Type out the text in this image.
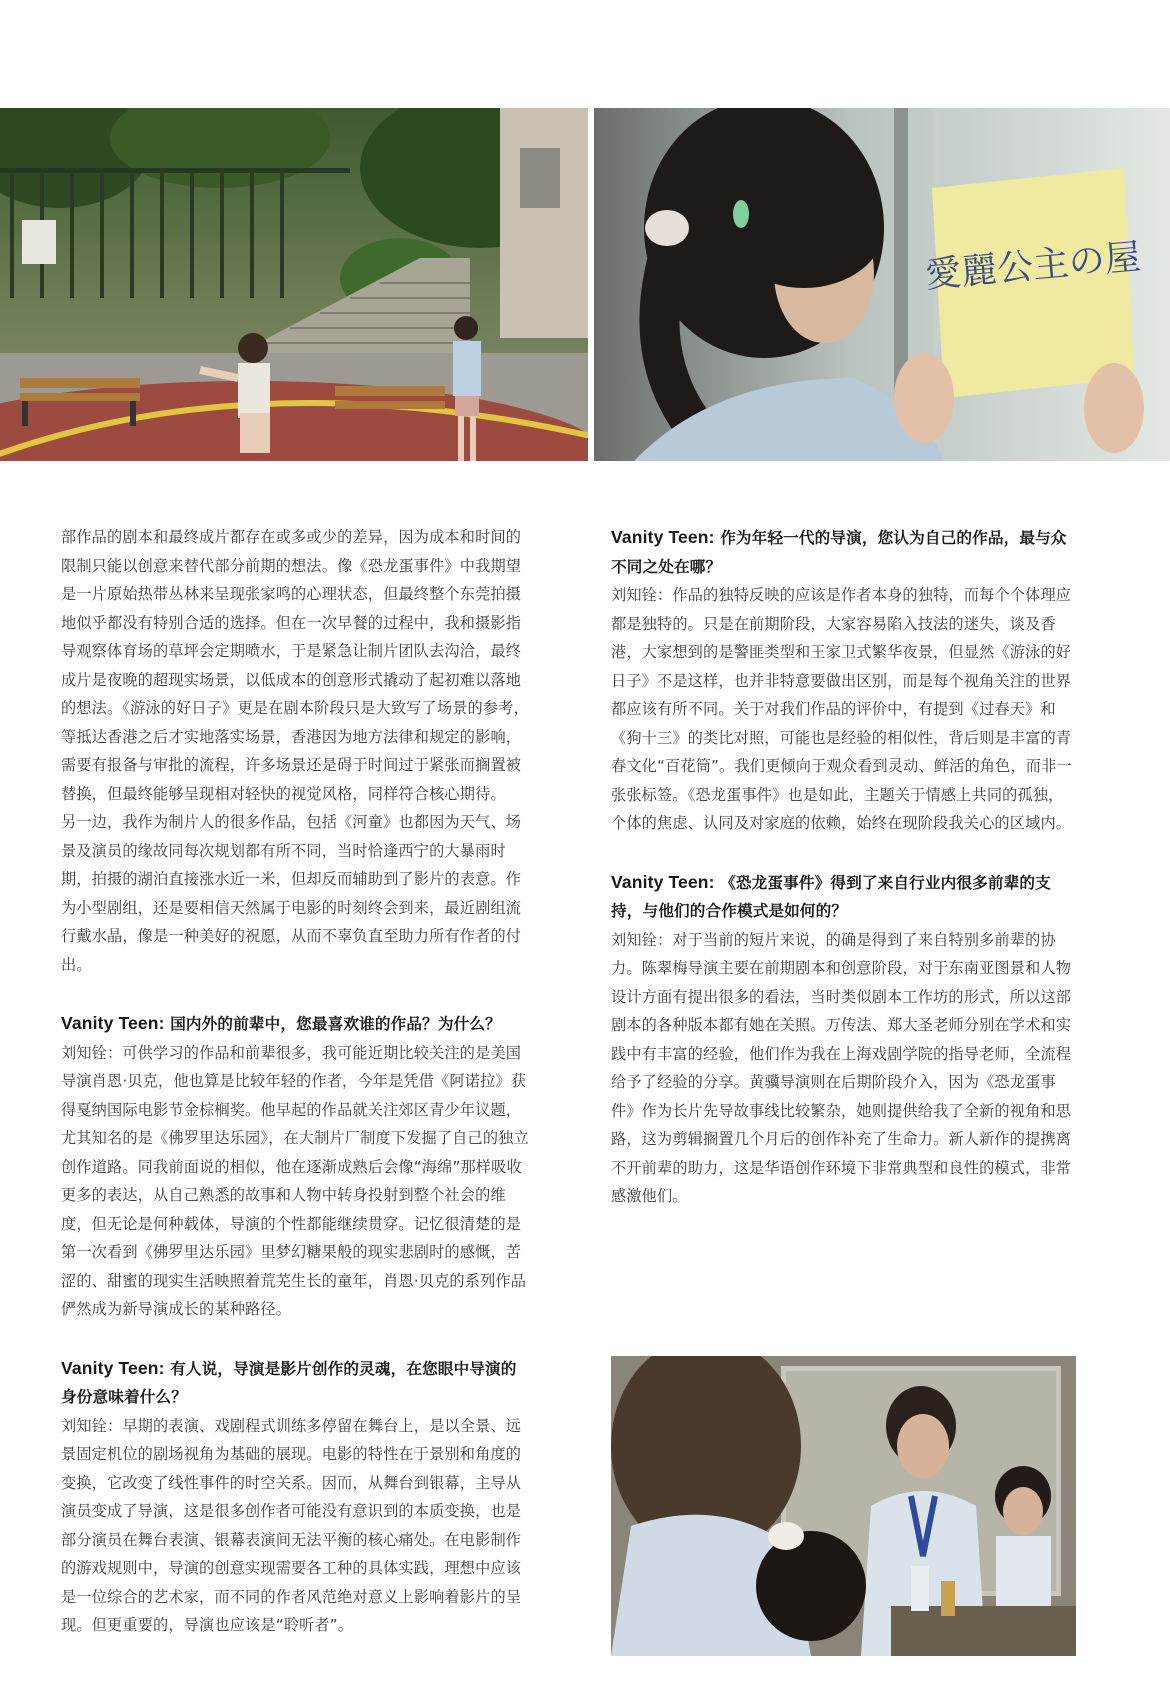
愛麗公主の屋

部作品的剧本和最终成片都存在或多或少的差异，因为成本和时间的限制只能以创意来替代部分前期的想法。像《恐龙蛋事件》中我期望是一片原始热带丛林来呈现张家鸣的心理状态，但最终整个东莞拍摄地似乎都没有特别合适的选择。但在一次早餐的过程中，我和摄影指导观察体育场的草坪会定期喷水，于是紧急让制片团队去沟洽，最终成片是夜晚的超现实场景，以低成本的创意形式撬动了起初难以落地的想法。《游泳的好日子》更是在剧本阶段只是大致写了场景的参考，等抵达香港之后才实地落实场景，香港因为地方法律和规定的影响，需要有报备与审批的流程，许多场景还是碍于时间过于紧张而搁置被替换，但最终能够呈现相对轻快的视觉风格，同样符合核心期待。

另一边，我作为制片人的很多作品，包括《河童》也都因为天气、场景及演员的缘故同每次规划都有所不同，当时恰逢西宁的大暴雨时期，拍摄的湖泊直接涨水近一米，但却反而辅助到了影片的表意。作为小型剧组，还是要相信天然属于电影的时刻终会到来，最近剧组流行戴水晶，像是一种美好的祝愿，从而不辜负直至助力所有作者的付出。

Vanity Teen: 国内外的前辈中，您最喜欢谁的作品？为什么？

刘知铨：可供学习的作品和前辈很多，我可能近期比较关注的是美国导演肖恩·贝克，他也算是比较年轻的作者，今年是凭借《阿诺拉》获得戛纳国际电影节金棕榈奖。他早起的作品就关注郊区青少年议题，尤其知名的是《佛罗里达乐园》，在大制片厂制度下发掘了自己的独立创作道路。同我前面说的相似，他在逐渐成熟后会像“海绵”那样吸收更多的表达，从自己熟悉的故事和人物中转身投射到整个社会的维度，但无论是何种载体，导演的个性都能继续贯穿。记忆很清楚的是第一次看到《佛罗里达乐园》里梦幻糖果般的现实悲剧时的感慨，苦涩的、甜蜜的现实生活映照着荒芜生长的童年，肖恩·贝克的系列作品俨然成为新导演成长的某种路径。

Vanity Teen: 有人说，导演是影片创作的灵魂，在您眼中导演的身份意味着什么？

刘知铨：早期的表演、戏剧程式训练多停留在舞台上，是以全景、远景固定机位的剧场视角为基础的展现。电影的特性在于景别和角度的变换，它改变了线性事件的时空关系。因而，从舞台到银幕，主导从演员变成了导演，这是很多创作者可能没有意识到的本质变换，也是部分演员在舞台表演、银幕表演间无法平衡的核心痛处。在电影制作的游戏规则中，导演的创意实现需要各工种的具体实践，理想中应该是一位综合的艺术家，而不同的作者风范绝对意义上影响着影片的呈现。但更重要的，导演也应该是“聆听者”。

Vanity Teen: 作为年轻一代的导演，您认为自己的作品，最与众不同之处在哪？

刘知铨：作品的独特反映的应该是作者本身的独特，而每个个体理应都是独特的。只是在前期阶段，大家容易陷入技法的迷失，谈及香港，大家想到的是警匪类型和王家卫式繁华夜景，但显然《游泳的好日子》不是这样，也并非特意要做出区别，而是每个视角关注的世界都应该有所不同。关于对我们作品的评价中，有提到《过春天》和《狗十三》的类比对照，可能也是经验的相似性，背后则是丰富的青春文化“百花筒”。我们更倾向于观众看到灵动、鲜活的角色，而非一张张标签。《恐龙蛋事件》也是如此，主题关于情感上共同的孤独，个体的焦虑、认同及对家庭的依赖，始终在现阶段我关心的区域内。

Vanity Teen: 《恐龙蛋事件》得到了来自行业内很多前辈的支持，与他们的合作模式是如何的？

刘知铨：对于当前的短片来说，的确是得到了来自特别多前辈的协力。陈翠梅导演主要在前期剧本和创意阶段，对于东南亚图景和人物设计方面有提出很多的看法，当时类似剧本工作坊的形式，所以这部剧本的各种版本都有她在关照。万传法、郑大圣老师分别在学术和实践中有丰富的经验，他们作为我在上海戏剧学院的指导老师，全流程给予了经验的分享。黄骥导演则在后期阶段介入，因为《恐龙蛋事件》作为长片先导故事线比较繁杂，她则提供给我了全新的视角和思路，这为剪辑搁置几个月后的创作补充了生命力。新人新作的提携离不开前辈的助力，这是华语创作环境下非常典型和良性的模式，非常感激他们。
